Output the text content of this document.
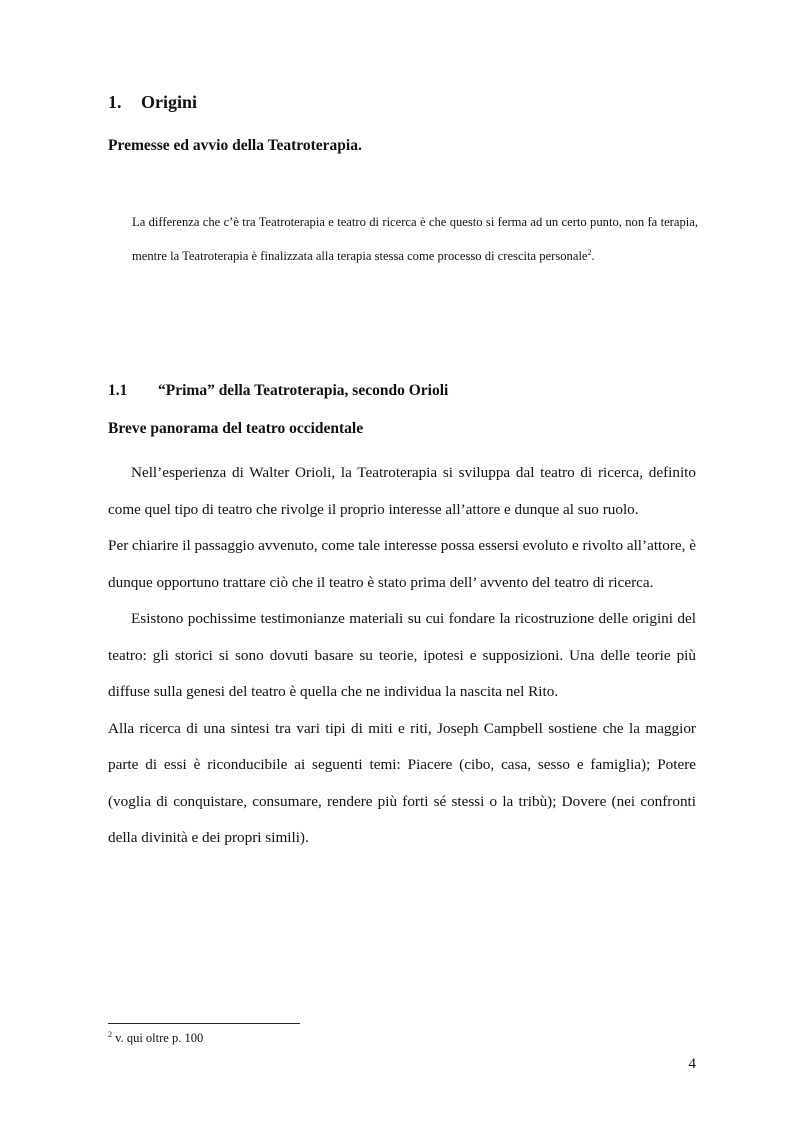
1. Origini
Premesse ed avvio della Teatroterapia.

La differenza che c’è tra Teatroterapia e teatro di ricerca è che questo si ferma ad un certo punto, non fa terapia, mentre la Teatroterapia è finalizzata alla terapia stessa come processo di crescita personale$^2$.

1.1 “Prima” della Teatroterapia, secondo Orioli
Breve panorama del teatro occidentale

Nell’esperienza di Walter Orioli, la Teatroterapia si sviluppa dal teatro di ricerca, definito come quel tipo di teatro che rivolge il proprio interesse all’attore e dunque al suo ruolo.

Per chiarire il passaggio avvenuto, come tale interesse possa essersi evoluto e rivolto all’attore, è dunque opportuno trattare ciò che il teatro è stato prima dell’ avvento del teatro di ricerca.

Esistono pochissime testimonianze materiali su cui fondare la ricostruzione delle origini del teatro: gli storici si sono dovuti basare su teorie, ipotesi e supposizioni. Una delle teorie più diffuse sulla genesi del teatro è quella che ne individua la nascita nel Rito.

Alla ricerca di una sintesi tra vari tipi di miti e riti, Joseph Campbell sostiene che la maggior parte di essi è riconducibile ai seguenti temi: Piacere (cibo, casa, sesso e famiglia); Potere (voglia di conquistare, consumare, rendere più forti sé stessi o la tribù); Dovere (nei confronti della divinità e dei propri simili).

$^2$ v. qui oltre p. 100

4
